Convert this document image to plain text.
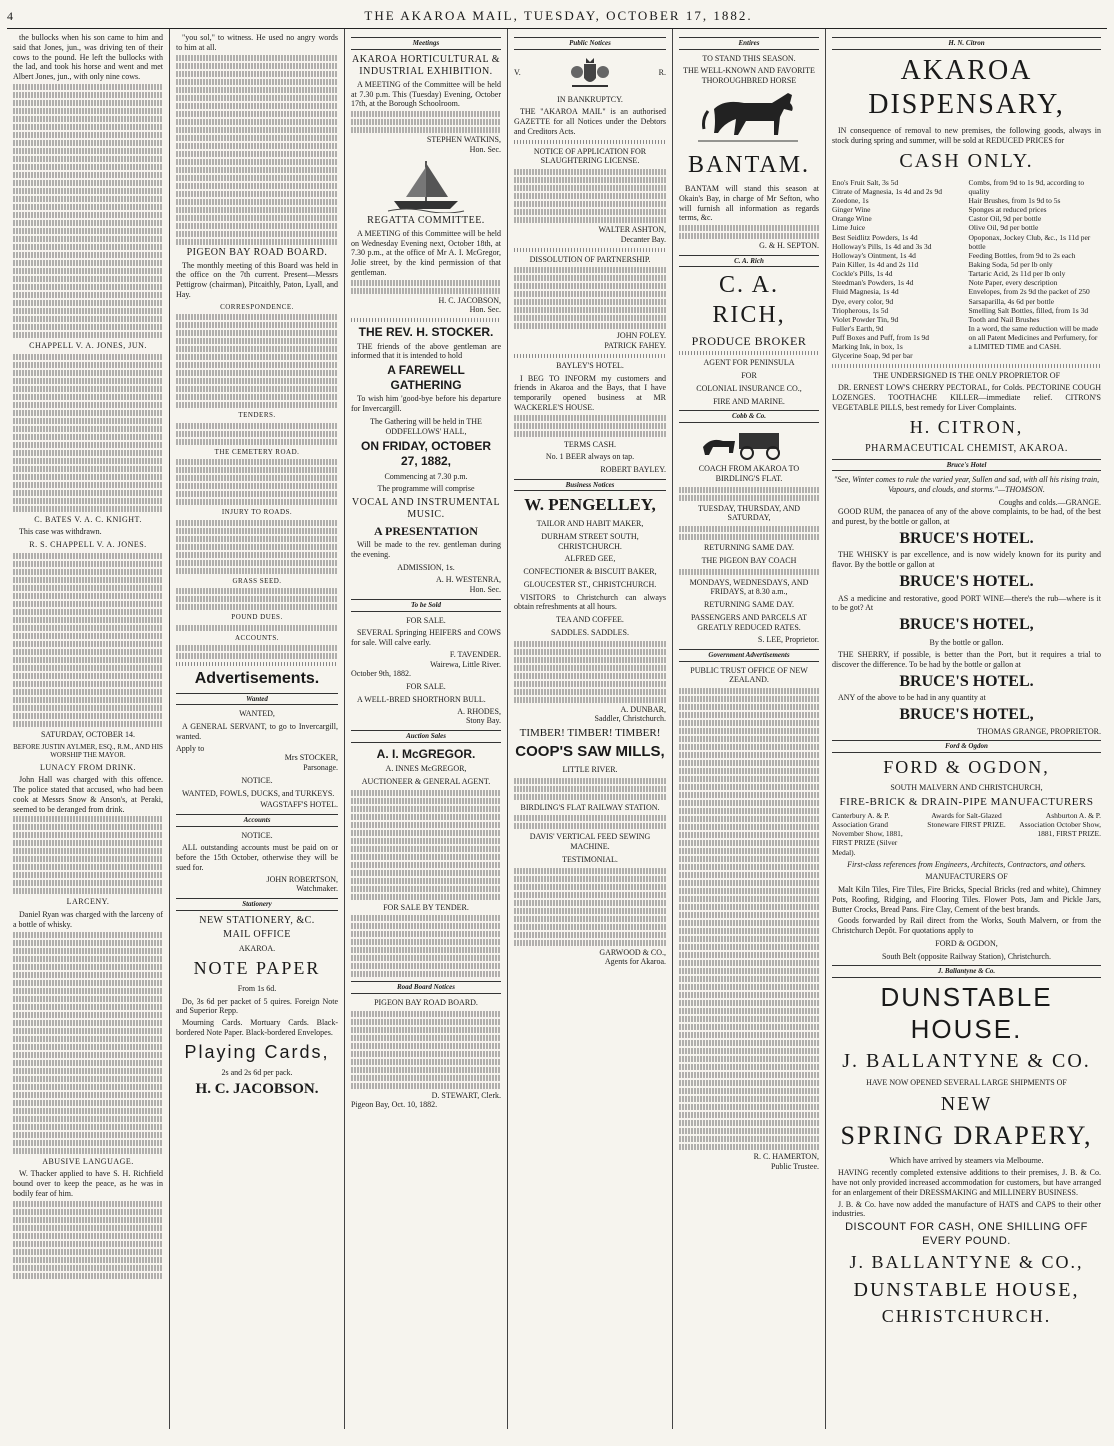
4	THE AKAROA MAIL, TUESDAY, OCTOBER 17, 1882.

the bullocks when his son came to him and said that Jones, jun., was driving ten of their cows to the pound. He left the bullocks with the lad, and took his horse and went and met Albert Jones, jun., with only nine cows.

CHAPPELL V. A. JONES, JUN.
C. BATES V. A. C. KNIGHT.

This case was withdrawn.

R. S. CHAPPELL V. A. JONES.
SATURDAY, OCTOBER 14.
BEFORE JUSTIN AYLMER, ESQ., R.M., AND HIS WORSHIP THE MAYOR.
LUNACY FROM DRINK.

John Hall was charged with this offence. The police stated that accused, who had been cook at Messrs Snow & Anson's, at Peraki, seemed to be deranged from drink.

LARCENY.

Daniel Ryan was charged with the larceny of a bottle of whisky.

ABUSIVE LANGUAGE.

W. Thacker applied to have S. H. Richfield bound over to keep the peace, as he was in bodily fear of him.

"you sol," to witness. He used no angry words to him at all.

PIGEON BAY ROAD BOARD.

The monthly meeting of this Board was held in the office on the 7th current. Present—Messrs Pettigrow (chairman), Pitcaithly, Paton, Lyall, and Hay.

CORRESPONDENCE.
TENDERS.
THE CEMETERY ROAD.
INJURY TO ROADS.
GRASS SEED.
POUND DUES.
ACCOUNTS.
Advertisements.
Wanted
WANTED,

A GENERAL SERVANT, to go to Invercargill, wanted.

Apply to
Mrs STOCKER,
Parsonage.
NOTICE.

WANTED, FOWLS, DUCKS, and TURKEYS.

WAGSTAFF'S HOTEL.
Accounts
NOTICE.

ALL outstanding accounts must be paid on or before the 15th October, otherwise they will be sued for.

JOHN ROBERTSON,
Watchmaker.
Stationery
NEW STATIONERY, &C.
MAIL OFFICE
AKAROA.
NOTE PAPER
From 1s 6d.

Do, 3s 6d per packet of 5 quires. Foreign Note and Superior Repp.

Mourning Cards. Mortuary Cards. Black-bordered Note Paper. Black-bordered Envelopes.

Playing Cards,
2s and 2s 6d per pack.
H. C. JACOBSON.
Meetings
AKAROA HORTICULTURAL & INDUSTRIAL EXHIBITION.

A MEETING of the Committee will be held at 7.30 p.m. This (Tuesday) Evening, October 17th, at the Borough Schoolroom.

STEPHEN WATKINS,
Hon. Sec.
REGATTA COMMITTEE.

A MEETING of this Committee will be held on Wednesday Evening next, October 18th, at 7.30 p.m., at the office of Mr A. I. McGregor, Jolie street, by the kind permission of that gentleman.

H. C. JACOBSON,
Hon. Sec.
THE REV. H. STOCKER.

THE friends of the above gentleman are informed that it is intended to hold

A FAREWELL GATHERING

To wish him 'good-bye before his departure for Invercargill.

The Gathering will be held in THE ODDFELLOWS' HALL,
ON FRIDAY, OCTOBER 27, 1882,
Commencing at 7.30 p.m.
The programme will comprise
VOCAL AND INSTRUMENTAL MUSIC.
A PRESENTATION

Will be made to the rev. gentleman during the evening.

ADMISSION, 1s.
A. H. WESTENRA,
Hon. Sec.
To be Sold
FOR SALE.

SEVERAL Springing HEIFERS and COWS for sale. Will calve early.

F. TAVENDER.
Wairewa, Little River.
October 9th, 1882.
FOR SALE.

A WELL-BRED SHORTHORN BULL.

A. RHODES,
Stony Bay.
Auction Sales
A. I. McGREGOR.
A. INNES McGREGOR,
AUCTIONEER & GENERAL AGENT.
FOR SALE BY TENDER.
Road Board Notices
PIGEON BAY ROAD BOARD.
D. STEWART, Clerk.
Pigeon Bay, Oct. 10, 1882.
Public Notices
V.	R.
IN BANKRUPTCY.

THE "AKAROA MAIL" is an authorised GAZETTE for all Notices under the Debtors and Creditors Acts.

NOTICE OF APPLICATION FOR SLAUGHTERING LICENSE.
WALTER ASHTON,
Decanter Bay.
DISSOLUTION OF PARTNERSHIP.
JOHN FOLEY.
PATRICK FAHEY.
BAYLEY'S HOTEL.

I BEG TO INFORM my customers and friends in Akaroa and the Bays, that I have temporarily opened business at MR WACKERLE'S HOUSE.

TERMS CASH.
No. 1 BEER always on tap.
ROBERT BAYLEY.
Business Notices
W. PENGELLEY,
TAILOR AND HABIT MAKER,
DURHAM STREET SOUTH, CHRISTCHURCH.
ALFRED GEE,
CONFECTIONER & BISCUIT BAKER,
GLOUCESTER ST., CHRISTCHURCH.

VISITORS to Christchurch can always obtain refreshments at all hours.

TEA AND COFFEE.
SADDLES. SADDLES.
A. DUNBAR,
Saddler, Christchurch.
TIMBER! TIMBER! TIMBER!
COOP'S SAW MILLS,
LITTLE RIVER.
BIRDLING'S FLAT RAILWAY STATION.
DAVIS' VERTICAL FEED SEWING MACHINE.
TESTIMONIAL.
GARWOOD & CO.,
Agents for Akaroa.
Entires
TO STAND THIS SEASON.
THE WELL-KNOWN AND FAVORITE THOROUGHBRED HORSE
BANTAM.

BANTAM will stand this season at Okain's Bay, in charge of Mr Sefton, who will furnish all information as regards terms, &c.

G. & H. SEPTON.
C. A. Rich
C. A. RICH,
PRODUCE BROKER
AGENT FOR PENINSULA
FOR
COLONIAL INSURANCE CO.,
FIRE AND MARINE.
Cobb & Co.
COACH FROM AKAROA TO BIRDLING'S FLAT.
TUESDAY, THURSDAY, AND SATURDAY,
RETURNING SAME DAY.
THE PIGEON BAY COACH
MONDAYS, WEDNESDAYS, AND FRIDAYS, at 8.30 a.m.,
RETURNING SAME DAY.
PASSENGERS AND PARCELS AT GREATLY REDUCED RATES.
S. LEE, Proprietor.
Government Advertisements
PUBLIC TRUST OFFICE OF NEW ZEALAND.
R. C. HAMERTON,
Public Trustee.
H. N. Citron
AKAROA DISPENSARY,

IN consequence of removal to new premises, the following goods, always in stock during spring and summer, will be sold at REDUCED PRICES for

CASH ONLY.
Eno's Fruit Salt, 3s 5d
Citrate of Magnesia, 1s 4d and 2s 9d
Zoedone, 1s
Ginger Wine
Orange Wine
Lime Juice
Best Seidlitz Powders, 1s 4d
Holloway's Pills, 1s 4d and 3s 3d
Holloway's Ointment, 1s 4d
Pain Killer, 1s 4d and 2s 11d
Cockle's Pills, 1s 4d
Steedman's Powders, 1s 4d
Fluid Magnesia, 1s 4d
Dye, every color, 9d
Triopherous, 1s 5d
Violet Powder Tin, 9d
Fuller's Earth, 9d
Puff Boxes and Puff, from 1s 9d
Marking Ink, in box, 1s
Glycerine Soap, 9d per bar
Combs, from 9d to 1s 9d, according to quality
Hair Brushes, from 1s 9d to 5s
Sponges at reduced prices
Castor Oil, 9d per bottle
Olive Oil, 9d per bottle
Opoponax, Jockey Club, &c., 1s 11d per bottle
Feeding Bottles, from 9d to 2s each
Baking Soda, 5d per lb only
Tartaric Acid, 2s 11d per lb only
Note Paper, every description
Envelopes, from 2s 9d the packet of 250
Sarsaparilla, 4s 6d per bottle
Smelling Salt Bottles, filled, from 1s 3d
Tooth and Nail Brushes
In a word, the same reduction will be made on all Patent Medicines and Perfumery, for a LIMITED TIME and CASH.
THE UNDERSIGNED IS THE ONLY PROPRIETOR OF

DR. ERNEST LOW'S CHERRY PECTORAL, for Colds. PECTORINE COUGH LOZENGES. TOOTHACHE KILLER—immediate relief. CITRON'S VEGETABLE PILLS, best remedy for Liver Complaints.

H. CITRON,
PHARMACEUTICAL CHEMIST, AKAROA.
Bruce's Hotel
"See, Winter comes to rule the varied year, Sullen and sad, with all his rising train, Vapours, and clouds, and storms."—THOMSON.
Coughs and colds.—GRANGE.

GOOD RUM, the panacea of any of the above complaints, to be had, of the best and purest, by the bottle or gallon, at

BRUCE'S HOTEL.

THE WHISKY is par excellence, and is now widely known for its purity and flavor. By the bottle or gallon at

BRUCE'S HOTEL.

AS a medicine and restorative, good PORT WINE—there's the rub—where is it to be got? At

BRUCE'S HOTEL,
By the bottle or gallon.

THE SHERRY, if possible, is better than the Port, but it requires a trial to discover the difference. To be had by the bottle or gallon at

BRUCE'S HOTEL.

ANY of the above to be had in any quantity at

BRUCE'S HOTEL,
THOMAS GRANGE, PROPRIETOR.
Ford & Ogdon
FORD & OGDON,
SOUTH MALVERN AND CHRISTCHURCH,
FIRE-BRICK & DRAIN-PIPE MANUFACTURERS
Canterbury A. & P. Association Grand November Show, 1881, FIRST PRIZE (Silver Medal).
Awards for Salt-Glazed Stoneware FIRST PRIZE.
Ashburton A. & P. Association October Show, 1881, FIRST PRIZE.
First-class references from Engineers, Architects, Contractors, and others.
MANUFACTURERS OF

Malt Kiln Tiles, Fire Tiles, Fire Bricks, Special Bricks (red and white), Chimney Pots, Roofing, Ridging, and Flooring Tiles. Flower Pots, Jam and Pickle Jars, Butter Crocks, Bread Pans. Fire Clay, Cement of the best brands.

Goods forwarded by Rail direct from the Works, South Malvern, or from the Christchurch Depôt. For quotations apply to

FORD & OGDON,
South Belt (opposite Railway Station), Christchurch.
J. Ballantyne & Co.
DUNSTABLE HOUSE.
J. BALLANTYNE & CO.
HAVE NOW OPENED SEVERAL LARGE SHIPMENTS OF
NEW
SPRING DRAPERY,
Which have arrived by steamers via Melbourne.

HAVING recently completed extensive additions to their premises, J. B. & Co. have not only provided increased accommodation for customers, but have arranged for an enlargement of their DRESSMAKING and MILLINERY BUSINESS.

J. B. & Co. have now added the manufacture of HATS and CAPS to their other industries.

DISCOUNT FOR CASH, ONE SHILLING OFF EVERY POUND.
J. BALLANTYNE & CO.,
DUNSTABLE HOUSE,
CHRISTCHURCH.
